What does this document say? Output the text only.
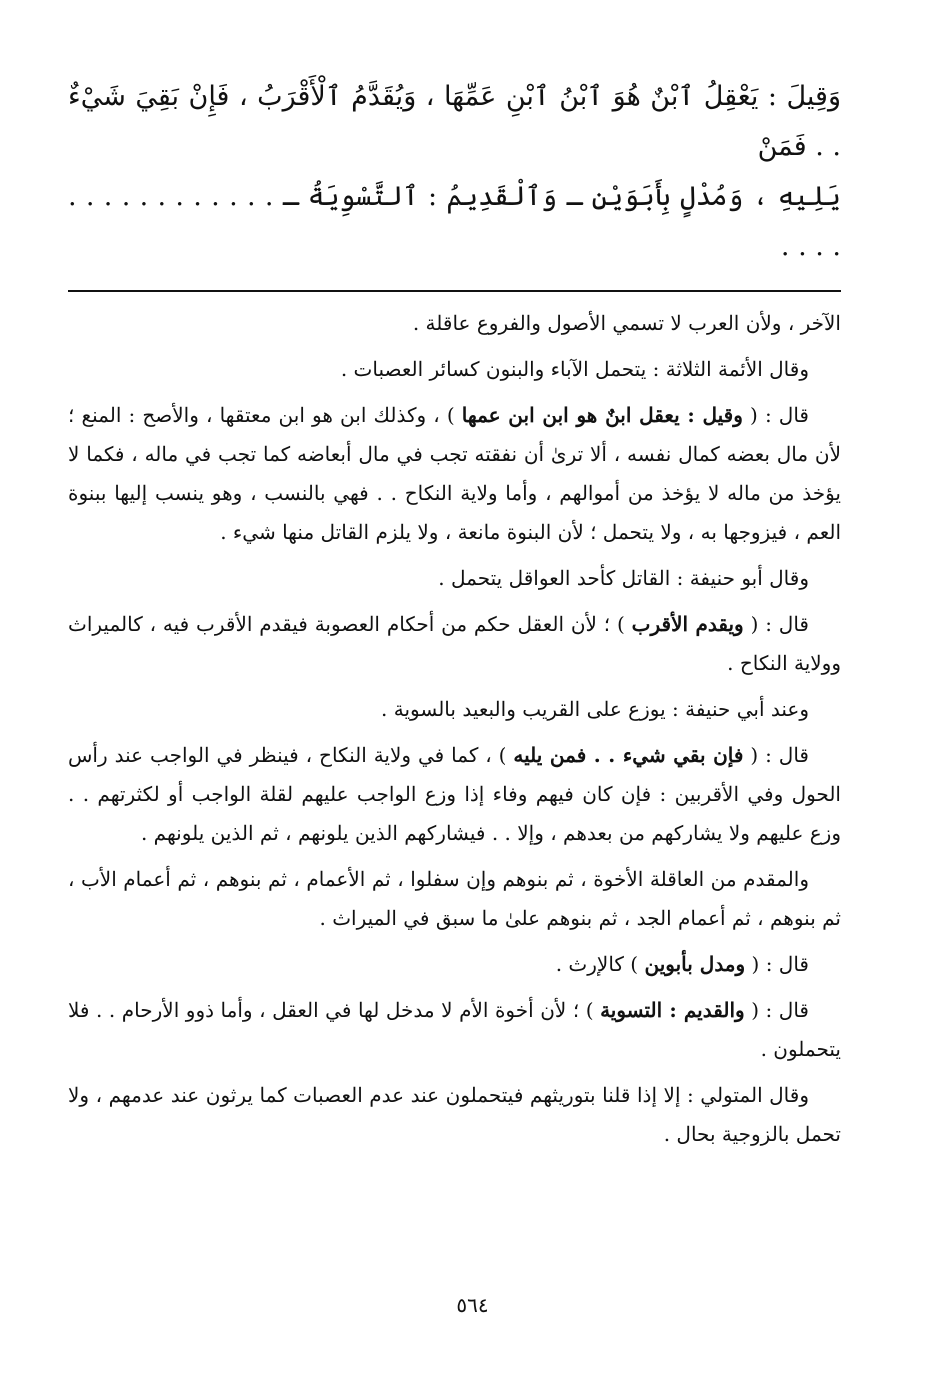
وَقِيلَ : يَعْقِلُ ٱبْنٌ هُوَ ٱبْنُ ٱبْنِ عَمِّهَا ، وَيُقَدَّمُ ٱلْأَقْرَبُ ، فَإِنْ بَقِيَ شَيْءٌ . . فَمَنْ
يَلِيهِ ، وَمُدْلٍ بِأَبَوَيْنِ ـ وَٱلْقَدِيمُ : ٱلتَّسْوِيَةُ ـ . . . . . . . . . . . . . . . .

الآخر ، ولأن العرب لا تسمي الأصول والفروع عاقلة .

وقال الأئمة الثلاثة : يتحمل الآباء والبنون كسائر العصبات .

قال : ( وقيل : يعقل ابنٌ هو ابن ابن عمها ) ، وكذلك ابن هو ابن معتقها ، والأصح : المنع ؛ لأن مال بعضه كمال نفسه ، ألا ترىٰ أن نفقته تجب في مال أبعاضه كما تجب في ماله ، فكما لا يؤخذ من ماله لا يؤخذ من أموالهم ، وأما ولاية النكاح . . فهي بالنسب ، وهو ينسب إليها ببنوة العم ، فيزوجها به ، ولا يتحمل ؛ لأن البنوة مانعة ، ولا يلزم القاتل منها شيء .

وقال أبو حنيفة : القاتل كأحد العواقل يتحمل .

قال : ( ويقدم الأقرب ) ؛ لأن العقل حكم من أحكام العصوبة فيقدم الأقرب فيه ، كالميراث وولاية النكاح .

وعند أبي حنيفة : يوزع على القريب والبعيد بالسوية .

قال : ( فإن بقي شيء . . فمن يليه ) ، كما في ولاية النكاح ، فينظر في الواجب عند رأس الحول وفي الأقربين : فإن كان فيهم وفاء إذا وزع الواجب عليهم لقلة الواجب أو لكثرتهم . . وزع عليهم ولا يشاركهم من بعدهم ، وإلا . . فيشاركهم الذين يلونهم ، ثم الذين يلونهم .

والمقدم من العاقلة الأخوة ، ثم بنوهم وإن سفلوا ، ثم الأعمام ، ثم بنوهم ، ثم أعمام الأب ، ثم بنوهم ، ثم أعمام الجد ، ثم بنوهم علىٰ ما سبق في الميراث .

قال : ( ومدل بأبوين ) كالإرث .

قال : ( والقديم : التسوية ) ؛ لأن أخوة الأم لا مدخل لها في العقل ، وأما ذوو الأرحام . . فلا يتحملون .

وقال المتولي : إلا إذا قلنا بتوريثهم فيتحملون عند عدم العصبات كما يرثون عند عدمهم ، ولا تحمل بالزوجية بحال .

٥٦٤
